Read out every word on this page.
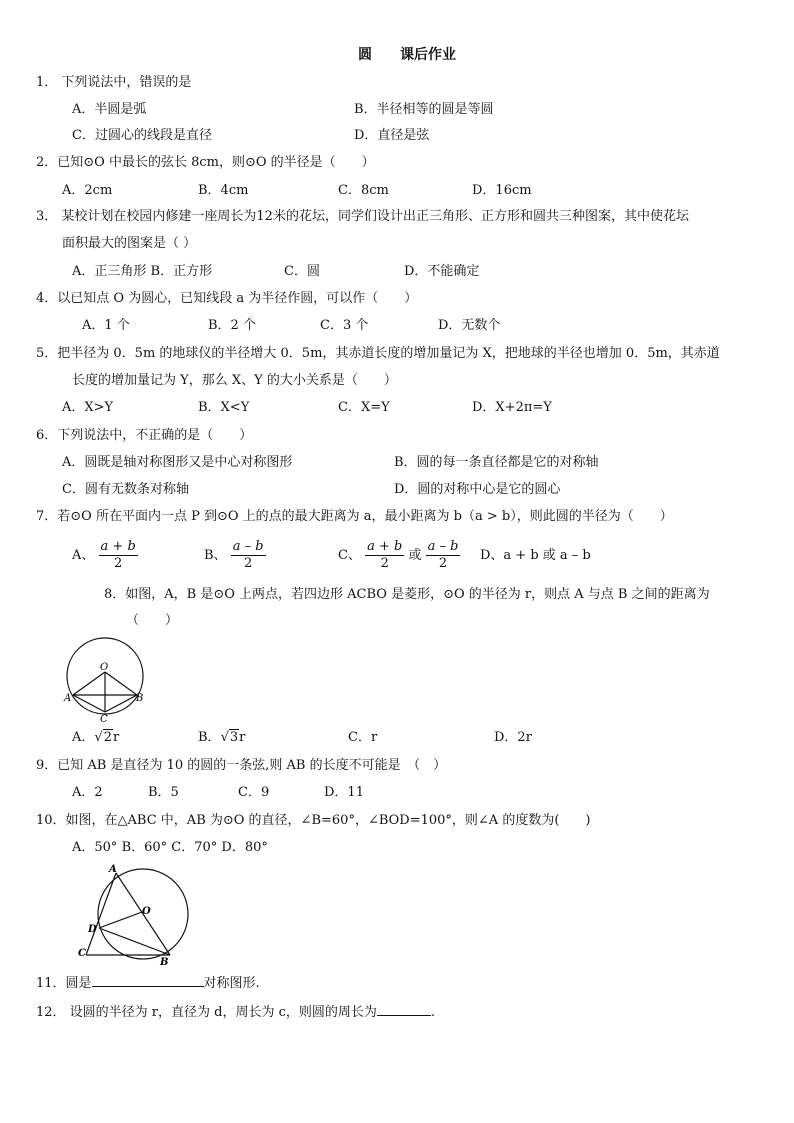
圆　　课后作业
1． 下列说法中，错误的是
A．半圆是弧	B．半径相等的圆是等圆
C．过圆心的线段是直径	D．直径是弦
2．已知⊙O 中最长的弦长 8cm，则⊙O 的半径是（　　）
A．2cm	B．4cm	C．8cm	D．16cm
3． 某校计划在校园内修建一座周长为12米的花坛，同学们设计出正三角形、正方形和圆共三种图案，其中使花坛
面积最大的图案是（ ）
A．正三角形 B．正方形	C．圆	D．不能确定
4．以已知点 O 为圆心，已知线段 a 为半径作圆，可以作（　　）
A．1 个	B．2 个	C．3 个	D．无数个
5．把半径为 0．5m 的地球仪的半径增大 0．5m，其赤道长度的增加量记为 X，把地球的半径也增加 0．5m，其赤道
长度的增加量记为 Y，那么 X、Y 的大小关系是（　　）
A．X>Y	B．X<Y	C．X=Y	D．X+2π=Y
6．下列说法中，不正确的是（　　）
A．圆既是轴对称图形又是中心对称图形	B．圆的每一条直径都是它的对称轴
C．圆有无数条对称轴	D．圆的对称中心是它的圆心
7．若⊙O 所在平面内一点 P 到⊙O 上的点的最大距离为 a，最小距离为 b（a > b），则此圆的半径为（　　）
A、 $\frac{a + b}{2}$	B、 $\frac{a - b}{2}$	C、 $\frac{a + b}{2}$ 或 $\frac{a - b}{2}$ D、a + b 或 a – b
8．如图，A，B 是⊙O 上两点，若四边形 ACBO 是菱形，⊙O 的半径为 r，则点 A 与点 B 之间的距离为
（　　）
O
A	B
C
A．√2r	B．√3r	C．r	D．2r
9．已知 AB 是直径为 10 的圆的一条弦,则 AB 的长度不可能是　（　）
A．2	B．5	C．9	D．11
10．如图，在△ABC 中，AB 为⊙O 的直径，∠B=60°，∠BOD=100°，则∠A 的度数为(　　)
A．50° B．60° C．70° D．80°
A
O
D
C
B
11．圆是	对称图形.
12． 设圆的半径为 r，直径为 d，周长为 c，则圆的周长为	.
